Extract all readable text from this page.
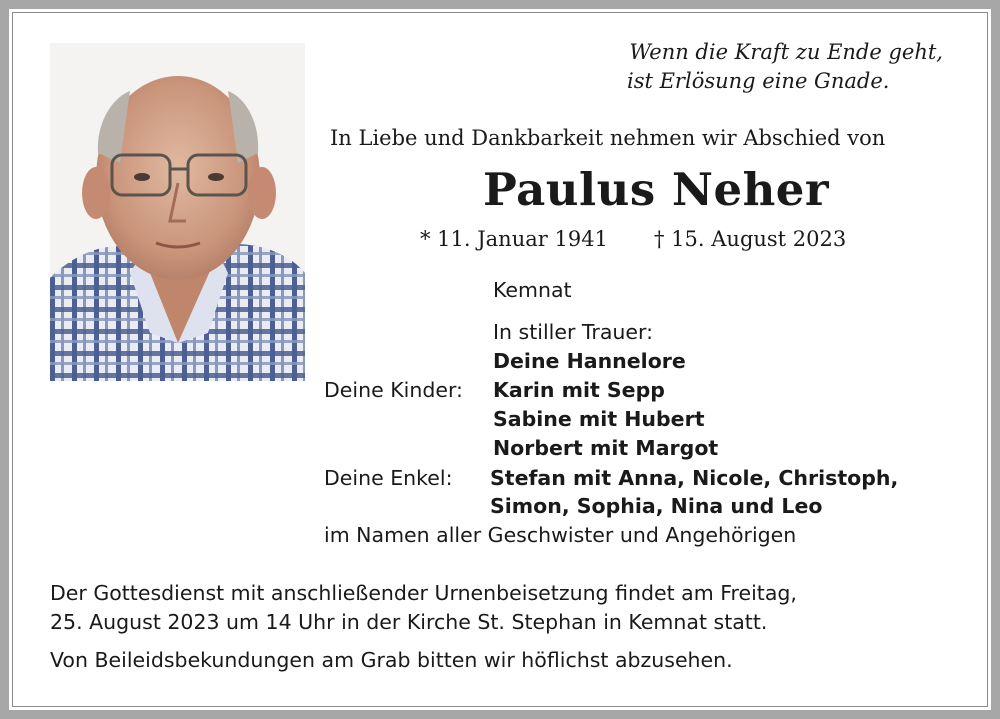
Wenn die Kraft zu Ende geht,
ist Erlösung eine Gnade.
In Liebe und Dankbarkeit nehmen wir Abschied von
Paulus Neher
* 11. Januar 1941 † 15. August 2023
Kemnat
In stiller Trauer:
Deine Hannelore
Deine Kinder: Karin mit Sepp
Sabine mit Hubert
Norbert mit Margot
Deine Enkel: Stefan mit Anna, Nicole, Christoph,
Simon, Sophia, Nina und Leo
im Namen aller Geschwister und Angehörigen
Der Gottesdienst mit anschließender Urnenbeisetzung findet am Freitag,
25. August 2023 um 14 Uhr in der Kirche St. Stephan in Kemnat statt.
Von Beileidsbekundungen am Grab bitten wir höflichst abzusehen.
